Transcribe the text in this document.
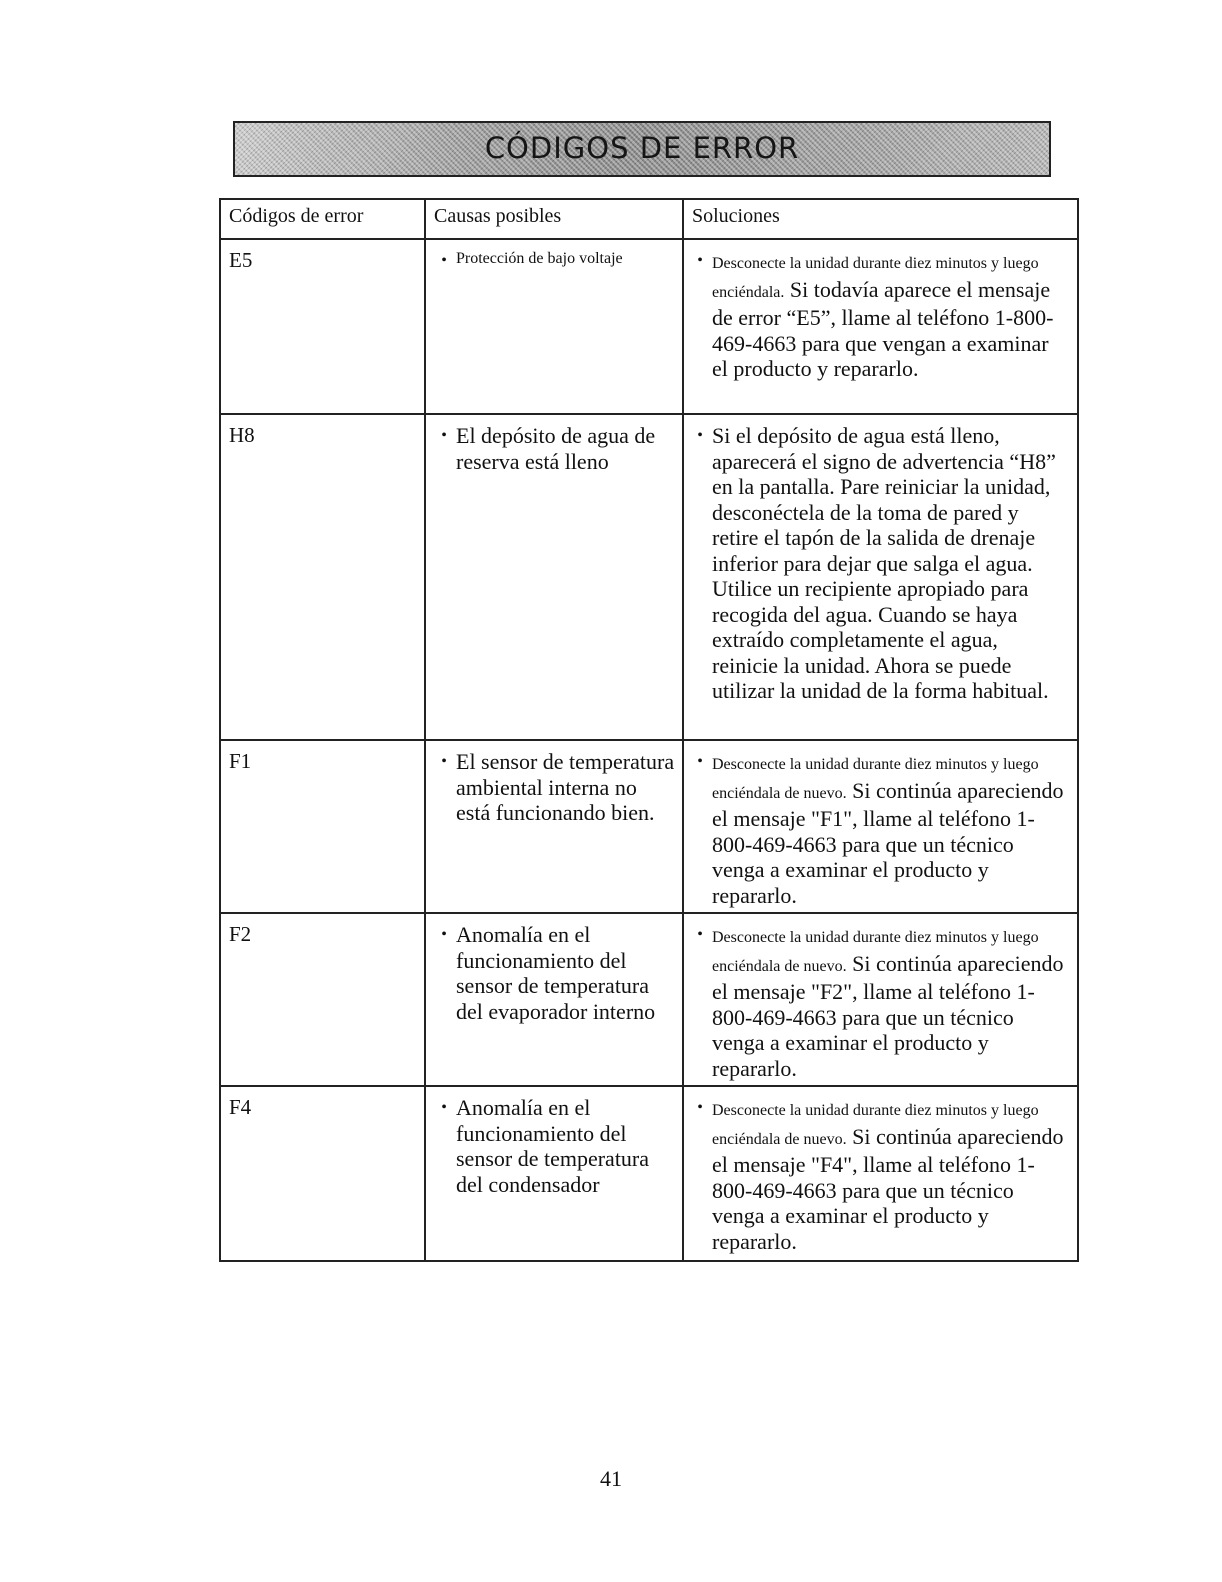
CÓDIGOS DE ERROR
Códigos de error	Causas posibles	Soluciones
E5	• Protección de bajo voltaje	• Desconecte la unidad durante diez minutos y luego enciéndala. Si todavía aparece el mensaje de error “E5”, llame al teléfono 1-800-469-4663 para que vengan a examinar el producto y repararlo.

H8	• El depósito de agua de reserva está lleno	• Si el depósito de agua está lleno, aparecerá el signo de advertencia “H8” en la pantalla. Pare reiniciar la unidad, desconéctela de la toma de pared y retire el tapón de la salida de drenaje inferior para dejar que salga el agua. Utilice un recipiente apropiado para recogida del agua. Cuando se haya extraído completamente el agua, reinicie la unidad. Ahora se puede utilizar la unidad de la forma habitual.

F1	• El sensor de temperatura ambiental interna no está funcionando bien.	• Desconecte la unidad durante diez minutos y luego enciéndala de nuevo. Si continúa apareciendo el mensaje "F1", llame al teléfono 1-800-469-4663 para que un técnico venga a examinar el producto y repararlo.

F2	• Anomalía en el funcionamiento del sensor de temperatura del evaporador interno	• Desconecte la unidad durante diez minutos y luego enciéndala de nuevo. Si continúa apareciendo el mensaje "F2", llame al teléfono 1-800-469-4663 para que un técnico venga a examinar el producto y repararlo.

F4	• Anomalía en el funcionamiento del sensor de temperatura del condensador	• Desconecte la unidad durante diez minutos y luego enciéndala de nuevo. Si continúa apareciendo el mensaje "F4", llame al teléfono 1-800-469-4663 para que un técnico venga a examinar el producto y repararlo.
41
